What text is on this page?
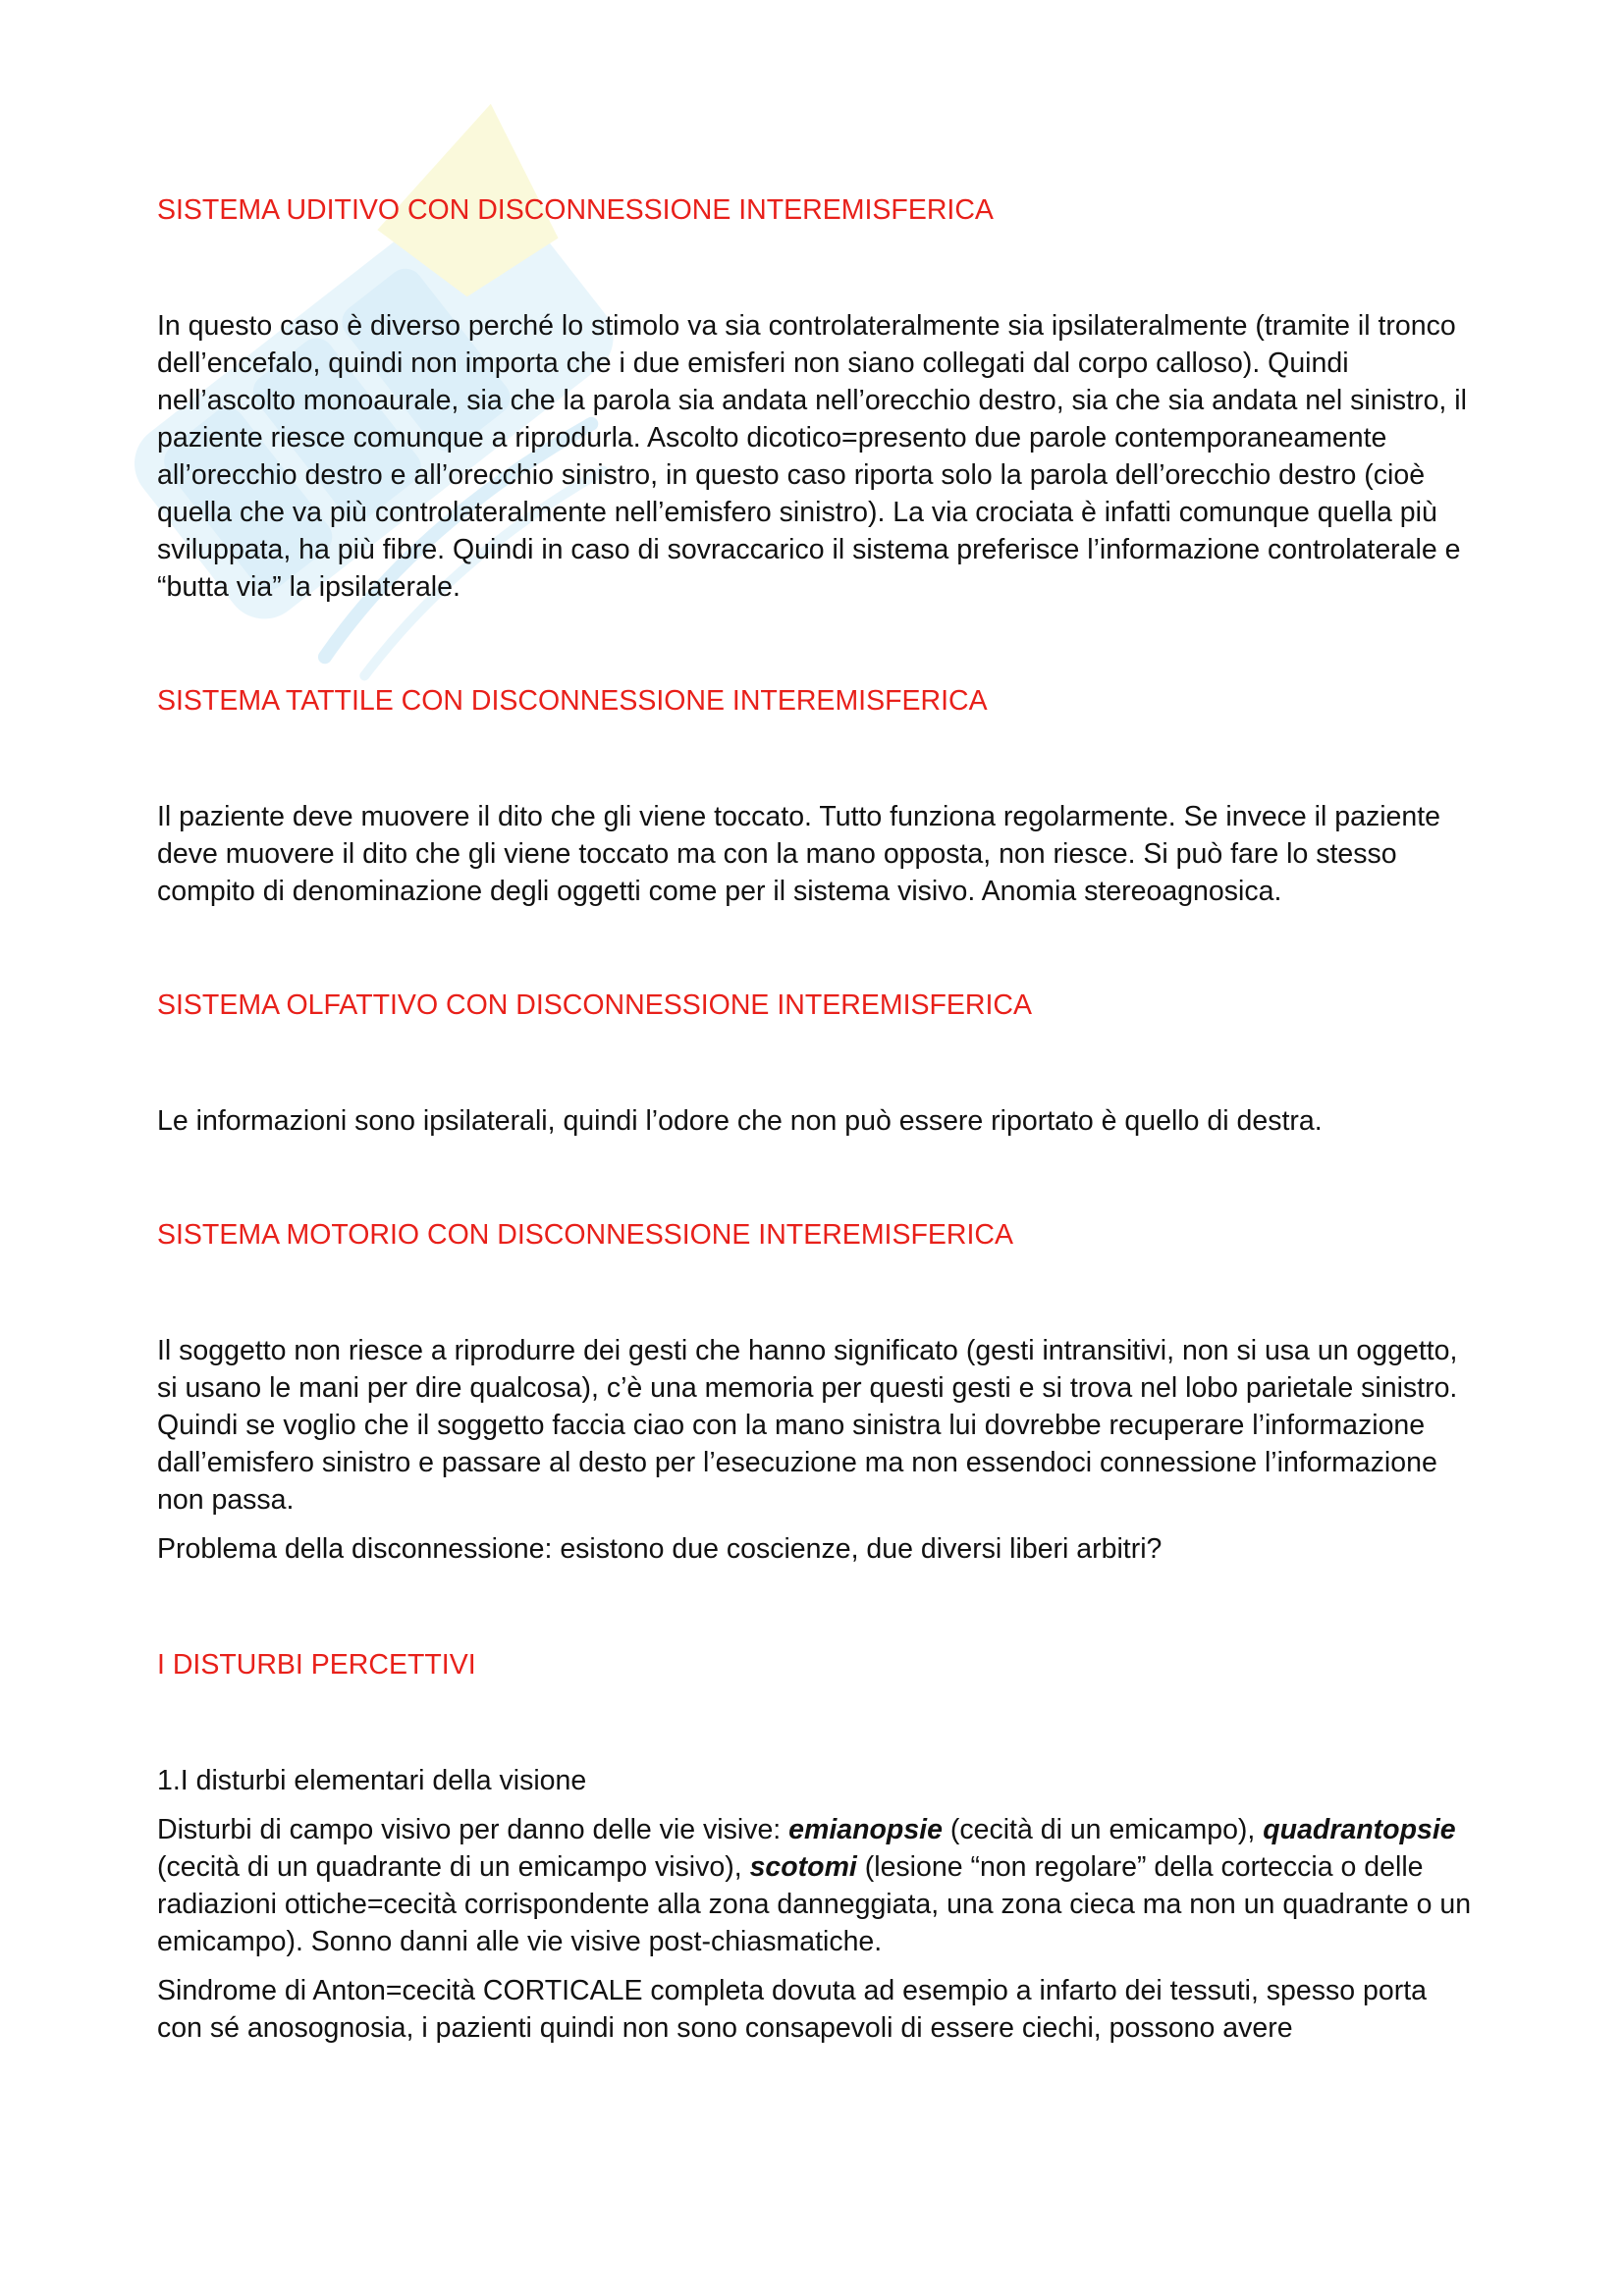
SISTEMA UDITIVO CON DISCONNESSIONE INTEREMISFERICA

In questo caso è diverso perché lo stimolo va sia controlateralmente sia ipsilateralmente (tramite il tronco dell’encefalo, quindi non importa che i due emisferi non siano collegati dal corpo calloso). Quindi nell’ascolto monoaurale, sia che la parola sia andata nell’orecchio destro, sia che sia andata nel sinistro, il paziente riesce comunque a riprodurla. Ascolto dicotico=presento due parole contemporaneamente all’orecchio destro e all’orecchio sinistro, in questo caso riporta solo la parola dell’orecchio destro (cioè quella che va più controlateralmente nell’emisfero sinistro). La via crociata è infatti comunque quella più sviluppata, ha più fibre. Quindi in caso di sovraccarico il sistema preferisce l’informazione controlaterale e “butta via” la ipsilaterale.

SISTEMA TATTILE CON DISCONNESSIONE INTEREMISFERICA

Il paziente deve muovere il dito che gli viene toccato. Tutto funziona regolarmente. Se invece il paziente deve muovere il dito che gli viene toccato ma con la mano opposta, non riesce. Si può fare lo stesso compito di denominazione degli oggetti come per il sistema visivo. Anomia stereoagnosica.

SISTEMA OLFATTIVO CON DISCONNESSIONE INTEREMISFERICA

Le informazioni sono ipsilaterali, quindi l’odore che non può essere riportato è quello di destra.

SISTEMA MOTORIO CON DISCONNESSIONE INTEREMISFERICA

Il soggetto non riesce a riprodurre dei gesti che hanno significato (gesti intransitivi, non si usa un oggetto, si usano le mani per dire qualcosa), c’è una memoria per questi gesti e si trova nel lobo parietale sinistro. Quindi se voglio che il soggetto faccia ciao con la mano sinistra lui dovrebbe recuperare l’informazione dall’emisfero sinistro e passare al desto per l’esecuzione ma non essendoci connessione l’informazione non passa.

Problema della disconnessione: esistono due coscienze, due diversi liberi arbitri?

I DISTURBI PERCETTIVI

1.I disturbi elementari della visione

Disturbi di campo visivo per danno delle vie visive: emianopsie (cecità di un emicampo), quadrantopsie (cecità di un quadrante di un emicampo visivo), scotomi (lesione “non regolare” della corteccia o delle radiazioni ottiche=cecità corrispondente alla zona danneggiata, una zona cieca ma non un quadrante o un emicampo). Sonno danni alle vie visive post-chiasmatiche.

Sindrome di Anton=cecità CORTICALE completa dovuta ad esempio a infarto dei tessuti, spesso porta con sé anosognosia, i pazienti quindi non sono consapevoli di essere ciechi, possono avere
